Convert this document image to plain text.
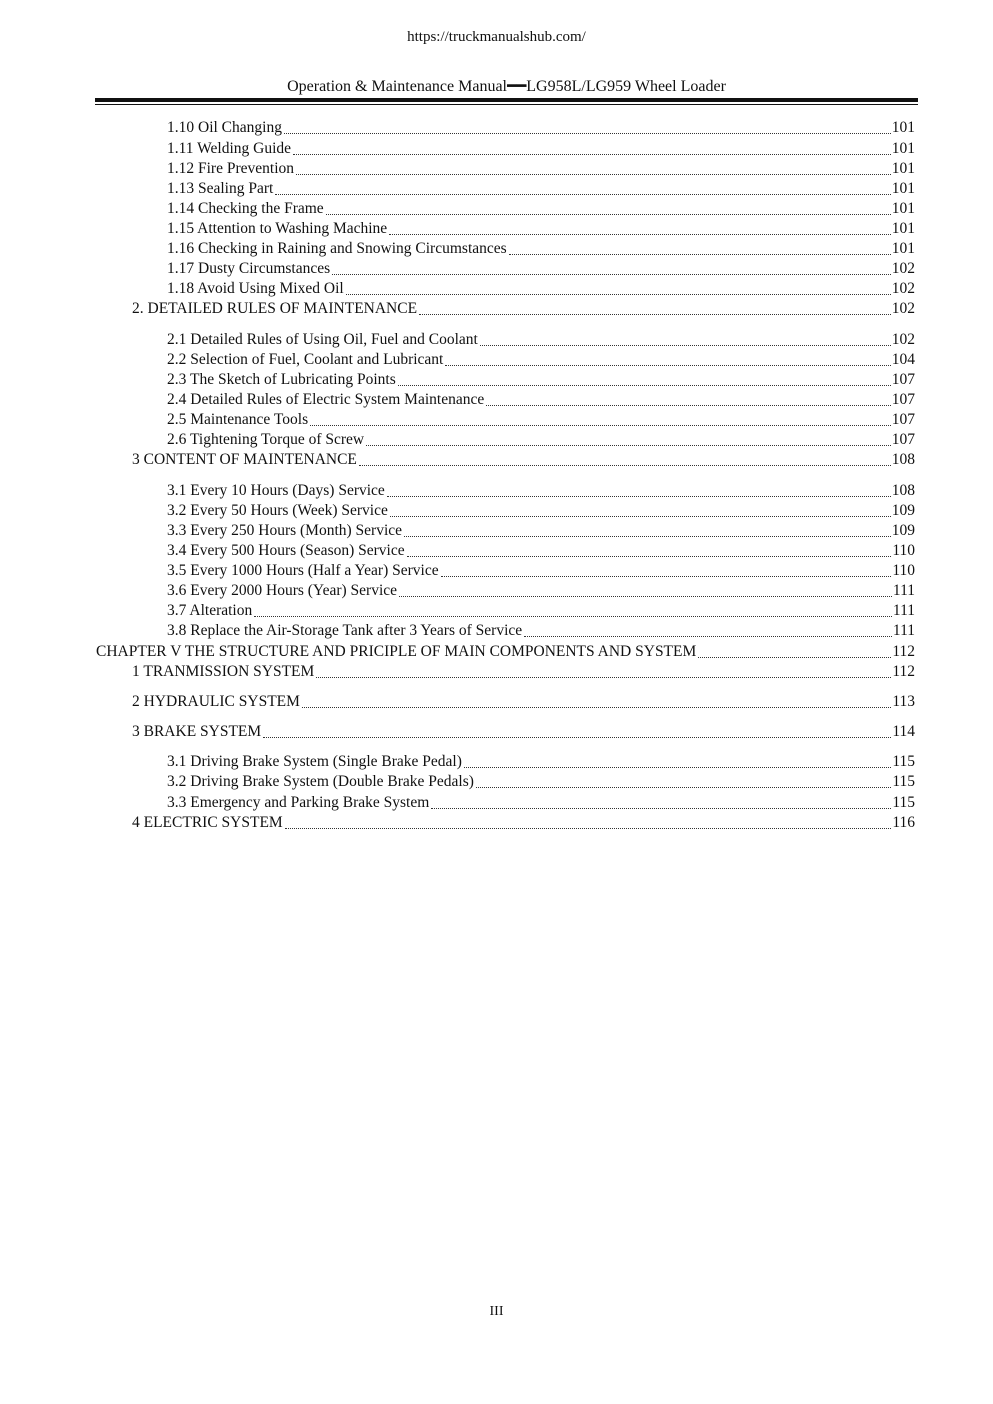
https://truckmanualshub.com/
Operation & Maintenance Manual━━LG958L/LG959 Wheel Loader
1.10 Oil Changing	101
1.11 Welding Guide	101
1.12 Fire Prevention	101
1.13 Sealing Part	101
1.14 Checking the Frame	101
1.15 Attention to Washing Machine	101
1.16 Checking in Raining and Snowing Circumstances	101
1.17 Dusty Circumstances	102
1.18 Avoid Using Mixed Oil	102
2. DETAILED RULES OF MAINTENANCE	102
2.1 Detailed Rules of Using Oil, Fuel and Coolant	102
2.2 Selection of Fuel, Coolant and Lubricant	104
2.3 The Sketch of Lubricating Points	107
2.4 Detailed Rules of Electric System Maintenance	107
2.5 Maintenance Tools	107
2.6 Tightening Torque of Screw	107
3 CONTENT OF MAINTENANCE	108
3.1 Every 10 Hours (Days) Service	108
3.2 Every 50 Hours (Week) Service	109
3.3 Every 250 Hours (Month) Service	109
3.4 Every 500 Hours (Season) Service	110
3.5 Every 1000 Hours (Half a Year) Service	110
3.6 Every 2000 Hours (Year) Service	111
3.7 Alteration	111
3.8 Replace the Air-Storage Tank after 3 Years of Service	111
CHAPTER V THE STRUCTURE AND PRICIPLE OF MAIN COMPONENTS AND SYSTEM	112
1 TRANMISSION SYSTEM	112
2 HYDRAULIC SYSTEM	113
3 BRAKE SYSTEM	114
3.1 Driving Brake System (Single Brake Pedal)	115
3.2 Driving Brake System (Double Brake Pedals)	115
3.3 Emergency and Parking Brake System	115
4 ELECTRIC SYSTEM	116
III
